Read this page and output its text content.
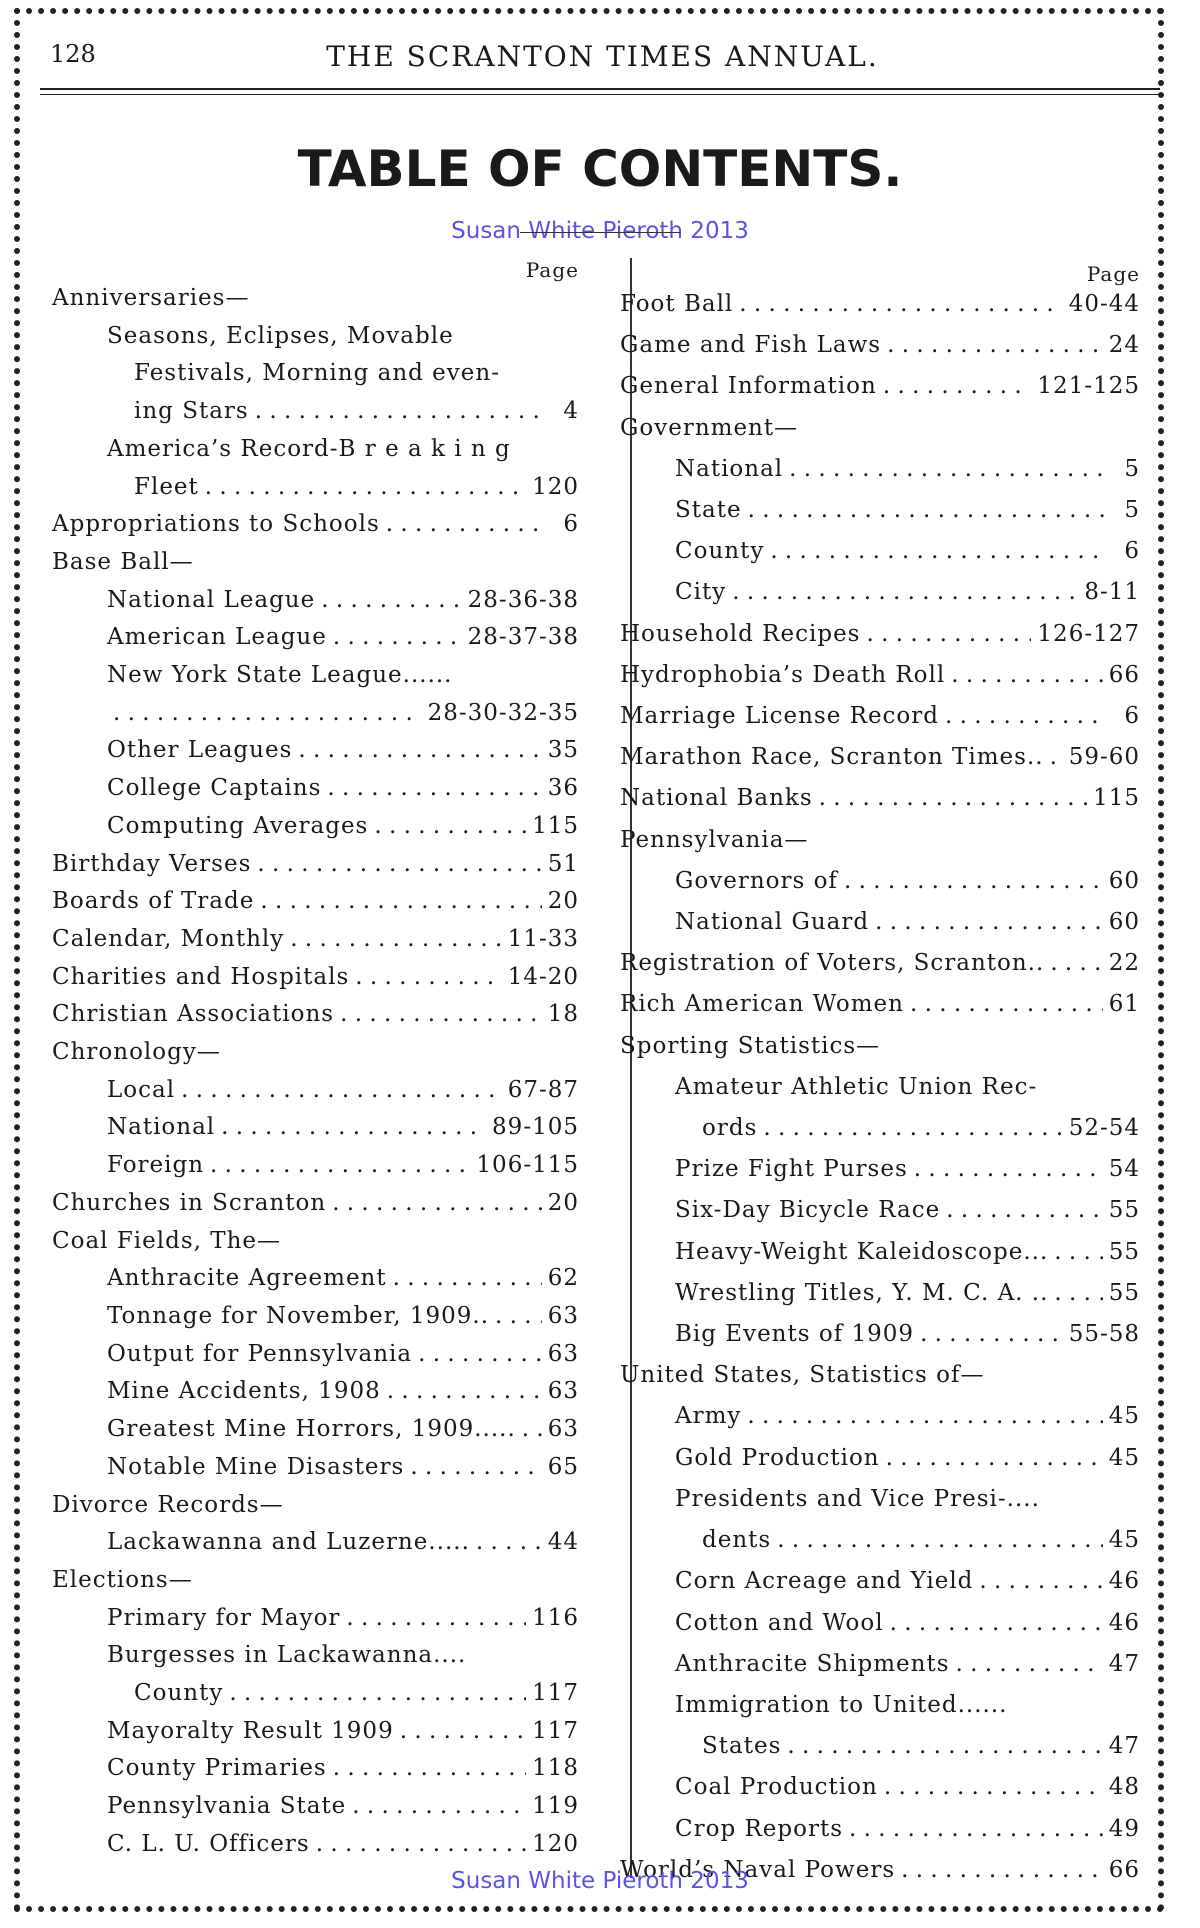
128	THE SCRANTON TIMES ANNUAL.
TABLE OF CONTENTS.
Susan White Pieroth 2013
Page
Anniversaries—
Seasons, Eclipses, Movable
Festivals, Morning and even-
ing Stars . . .	4
America’s Record-B r e a k i n g
Fleet . . .	120
Appropriations to Schools . . .	6
Base Ball—
National League . . .	28-36-38
American League . . .	28-37-38
New York State League......
. . .
28-30-32-35
Other Leagues . . .	35
College Captains . . .	36
Computing Averages . . .	115
Birthday Verses . . .	51
Boards of Trade . . .	20
Calendar, Monthly . . .	11-33
Charities and Hospitals . . .	14-20
Christian Associations . . .	18
Chronology—
Local . . .	67-87
National . . .	89-105
Foreign . . .	106-115
Churches in Scranton . . .	20
Coal Fields, The—
Anthracite Agreement . . .	62
Tonnage for November, 1909.. . . .	63
Output for Pennsylvania . . .	63
Mine Accidents, 1908 . . .	63
Greatest Mine Horrors, 1909..... . . . 63
Notable Mine Disasters . . .	65
Divorce Records—
Lackawanna and Luzerne..... . . .	44
Elections—
Primary for Mayor . . .	116
Burgesses in Lackawanna....
County . . .	117
Mayoralty Result 1909 . . .	117
County Primaries . . .	118
Pennsylvania State . . .	119
C. L. U. Officers . . .	120
Page
Foot Ball . . .	40-44
Game and Fish Laws . . .	24
General Information . . .	121-125
Government—
National . . .	5
State . . .	5
County . . .	6
City . . .	8-11
Household Recipes . . .	126-127
Hydrophobia’s Death Roll . . .	66
Marriage License Record . . .	6
Marathon Race, Scranton Times.. . . . 59-60
National Banks . . .	115
Pennsylvania—
Governors of . . .	60
National Guard . . .	60
Registration of Voters, Scranton.. . . .	22
Rich American Women . . .	61
Sporting Statistics—
Amateur Athletic Union Rec-
ords . . .	52-54
Prize Fight Purses . . .	54
Six-Day Bicycle Race . . .	55
Heavy-Weight Kaleidoscope... . . .	55
Wrestling Titles, Y. M. C. A. .. . . .	55
Big Events of 1909 . . .	55-58
United States, Statistics of—
Army . . .	45
Gold Production . . .	45
Presidents and Vice Presi-....
dents . . .	45
Corn Acreage and Yield . . .	46
Cotton and Wool . . .	46
Anthracite Shipments . . .	47
Immigration to United......
States . . .	47
Coal Production . . .	48
Crop Reports . . .	49
World’s Naval Powers . . .	66
Susan White Pieroth 2013
